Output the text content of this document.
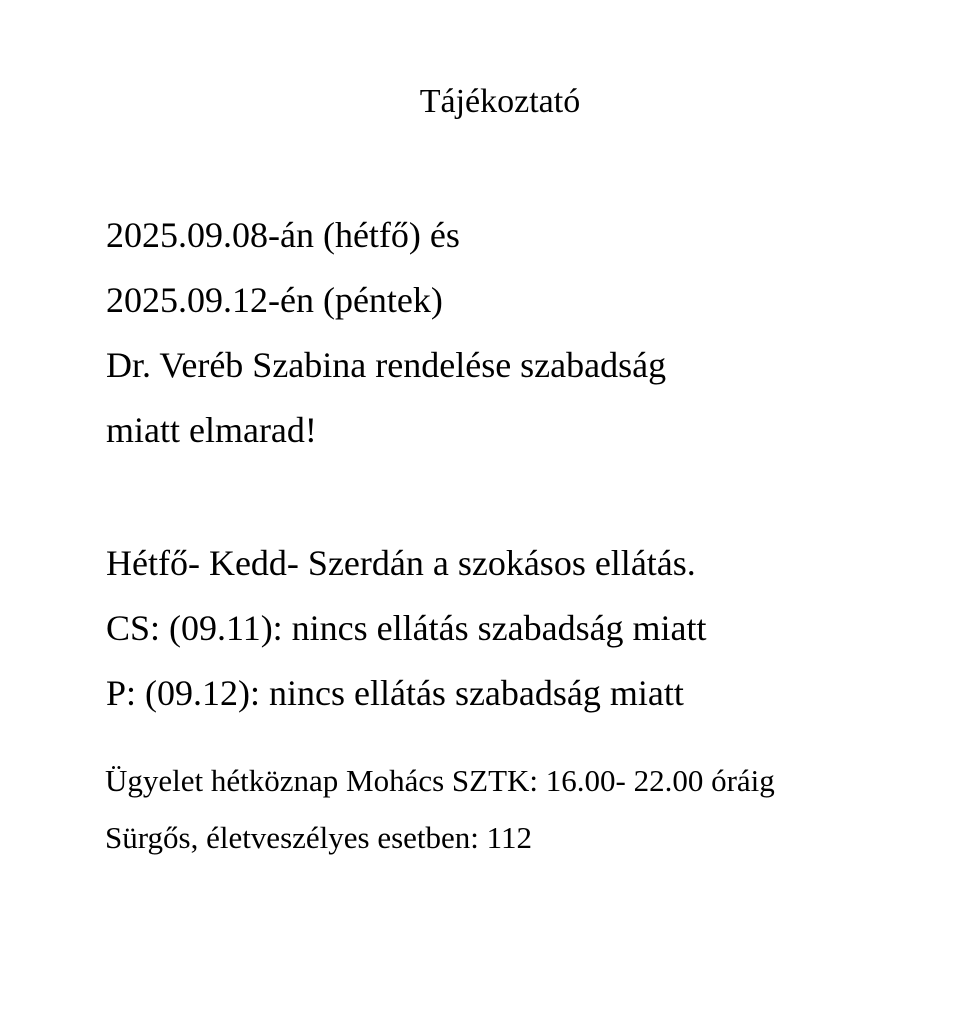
Tájékoztató
2025.09.08-án (hétfő) és
2025.09.12-én (péntek)
Dr. Veréb Szabina rendelése szabadság
miatt elmarad!
Hétfő- Kedd- Szerdán a szokásos ellátás.
CS: (09.11): nincs ellátás szabadság miatt
P: (09.12): nincs ellátás szabadság miatt
Ügyelet hétköznap Mohács SZTK: 16.00- 22.00 óráig
Sürgős, életveszélyes esetben: 112
